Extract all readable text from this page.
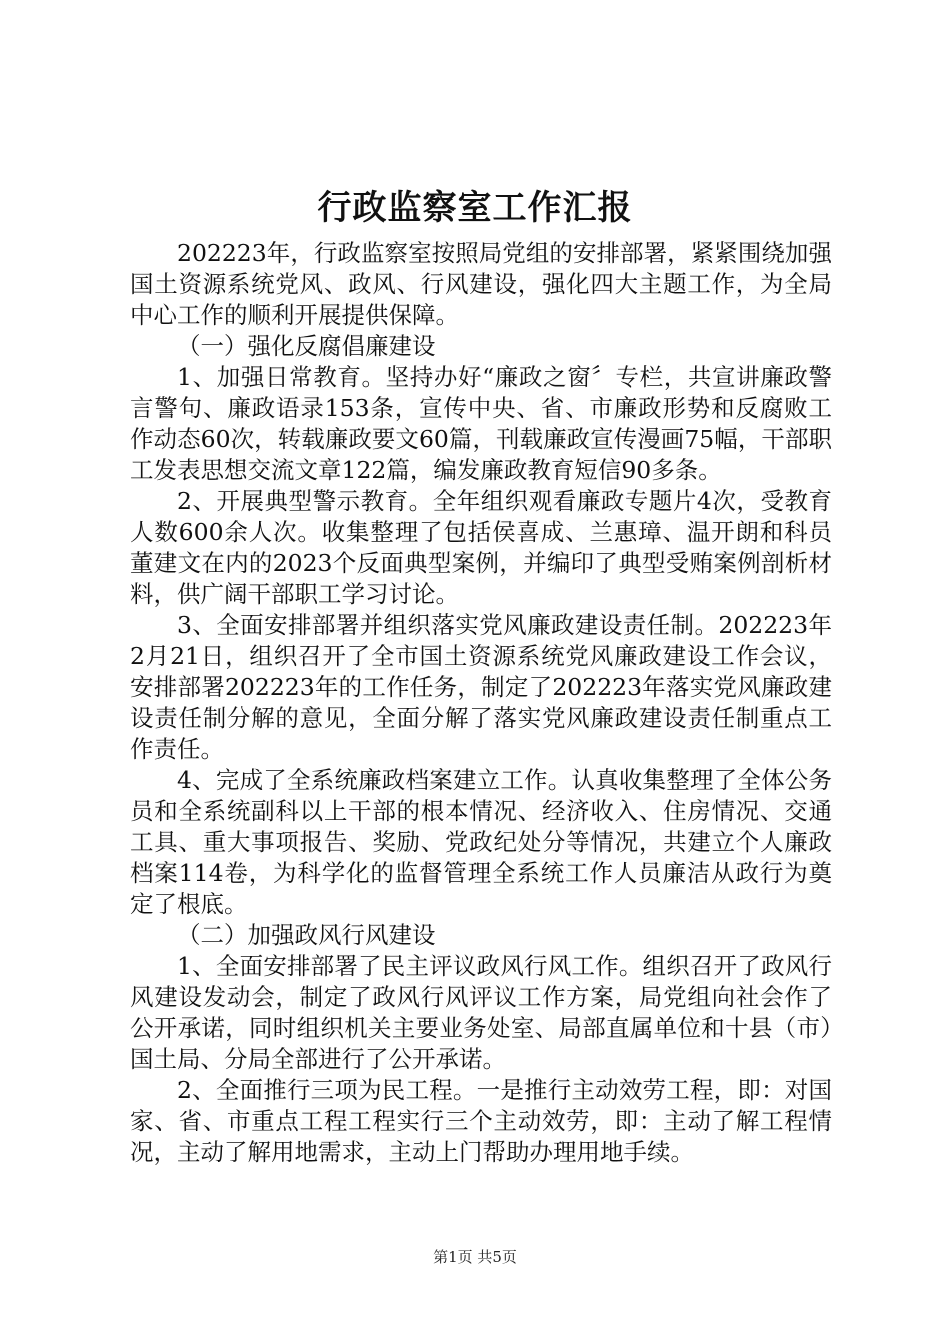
行政监察室工作汇报

202223年，行政监察室按照局党组的安排部署，紧紧围绕加强国土资源系统党风、政风、行风建设，强化四大主题工作，为全局中心工作的顺利开展提供保障。

（一）强化反腐倡廉建设

1、加强日常教育。坚持办好“廉政之窗〞专栏，共宣讲廉政警言警句、廉政语录153条，宣传中央、省、市廉政形势和反腐败工作动态60次，转载廉政要文60篇，刊载廉政宣传漫画75幅，干部职工发表思想交流文章122篇，编发廉政教育短信90多条。

2、开展典型警示教育。全年组织观看廉政专题片4次，受教育人数600余人次。收集整理了包括侯喜成、兰惠璋、温开朗和科员董建文在内的2023个反面典型案例，并编印了典型受贿案例剖析材料，供广阔干部职工学习讨论。

3、全面安排部署并组织落实党风廉政建设责任制。202223年2月21日，组织召开了全市国土资源系统党风廉政建设工作会议，安排部署202223年的工作任务，制定了202223年落实党风廉政建设责任制分解的意见，全面分解了落实党风廉政建设责任制重点工作责任。

4、完成了全系统廉政档案建立工作。认真收集整理了全体公务员和全系统副科以上干部的根本情况、经济收入、住房情况、交通工具、重大事项报告、奖励、党政纪处分等情况，共建立个人廉政档案114卷，为科学化的监督管理全系统工作人员廉洁从政行为奠定了根底。

（二）加强政风行风建设

1、全面安排部署了民主评议政风行风工作。组织召开了政风行风建设发动会，制定了政风行风评议工作方案，局党组向社会作了公开承诺，同时组织机关主要业务处室、局部直属单位和十县（市）国土局、分局全部进行了公开承诺。

2、全面推行三项为民工程。一是推行主动效劳工程，即：对国家、省、市重点工程工程实行三个主动效劳，即：主动了解工程情况，主动了解用地需求，主动上门帮助办理用地手续。

第1页 共5页
